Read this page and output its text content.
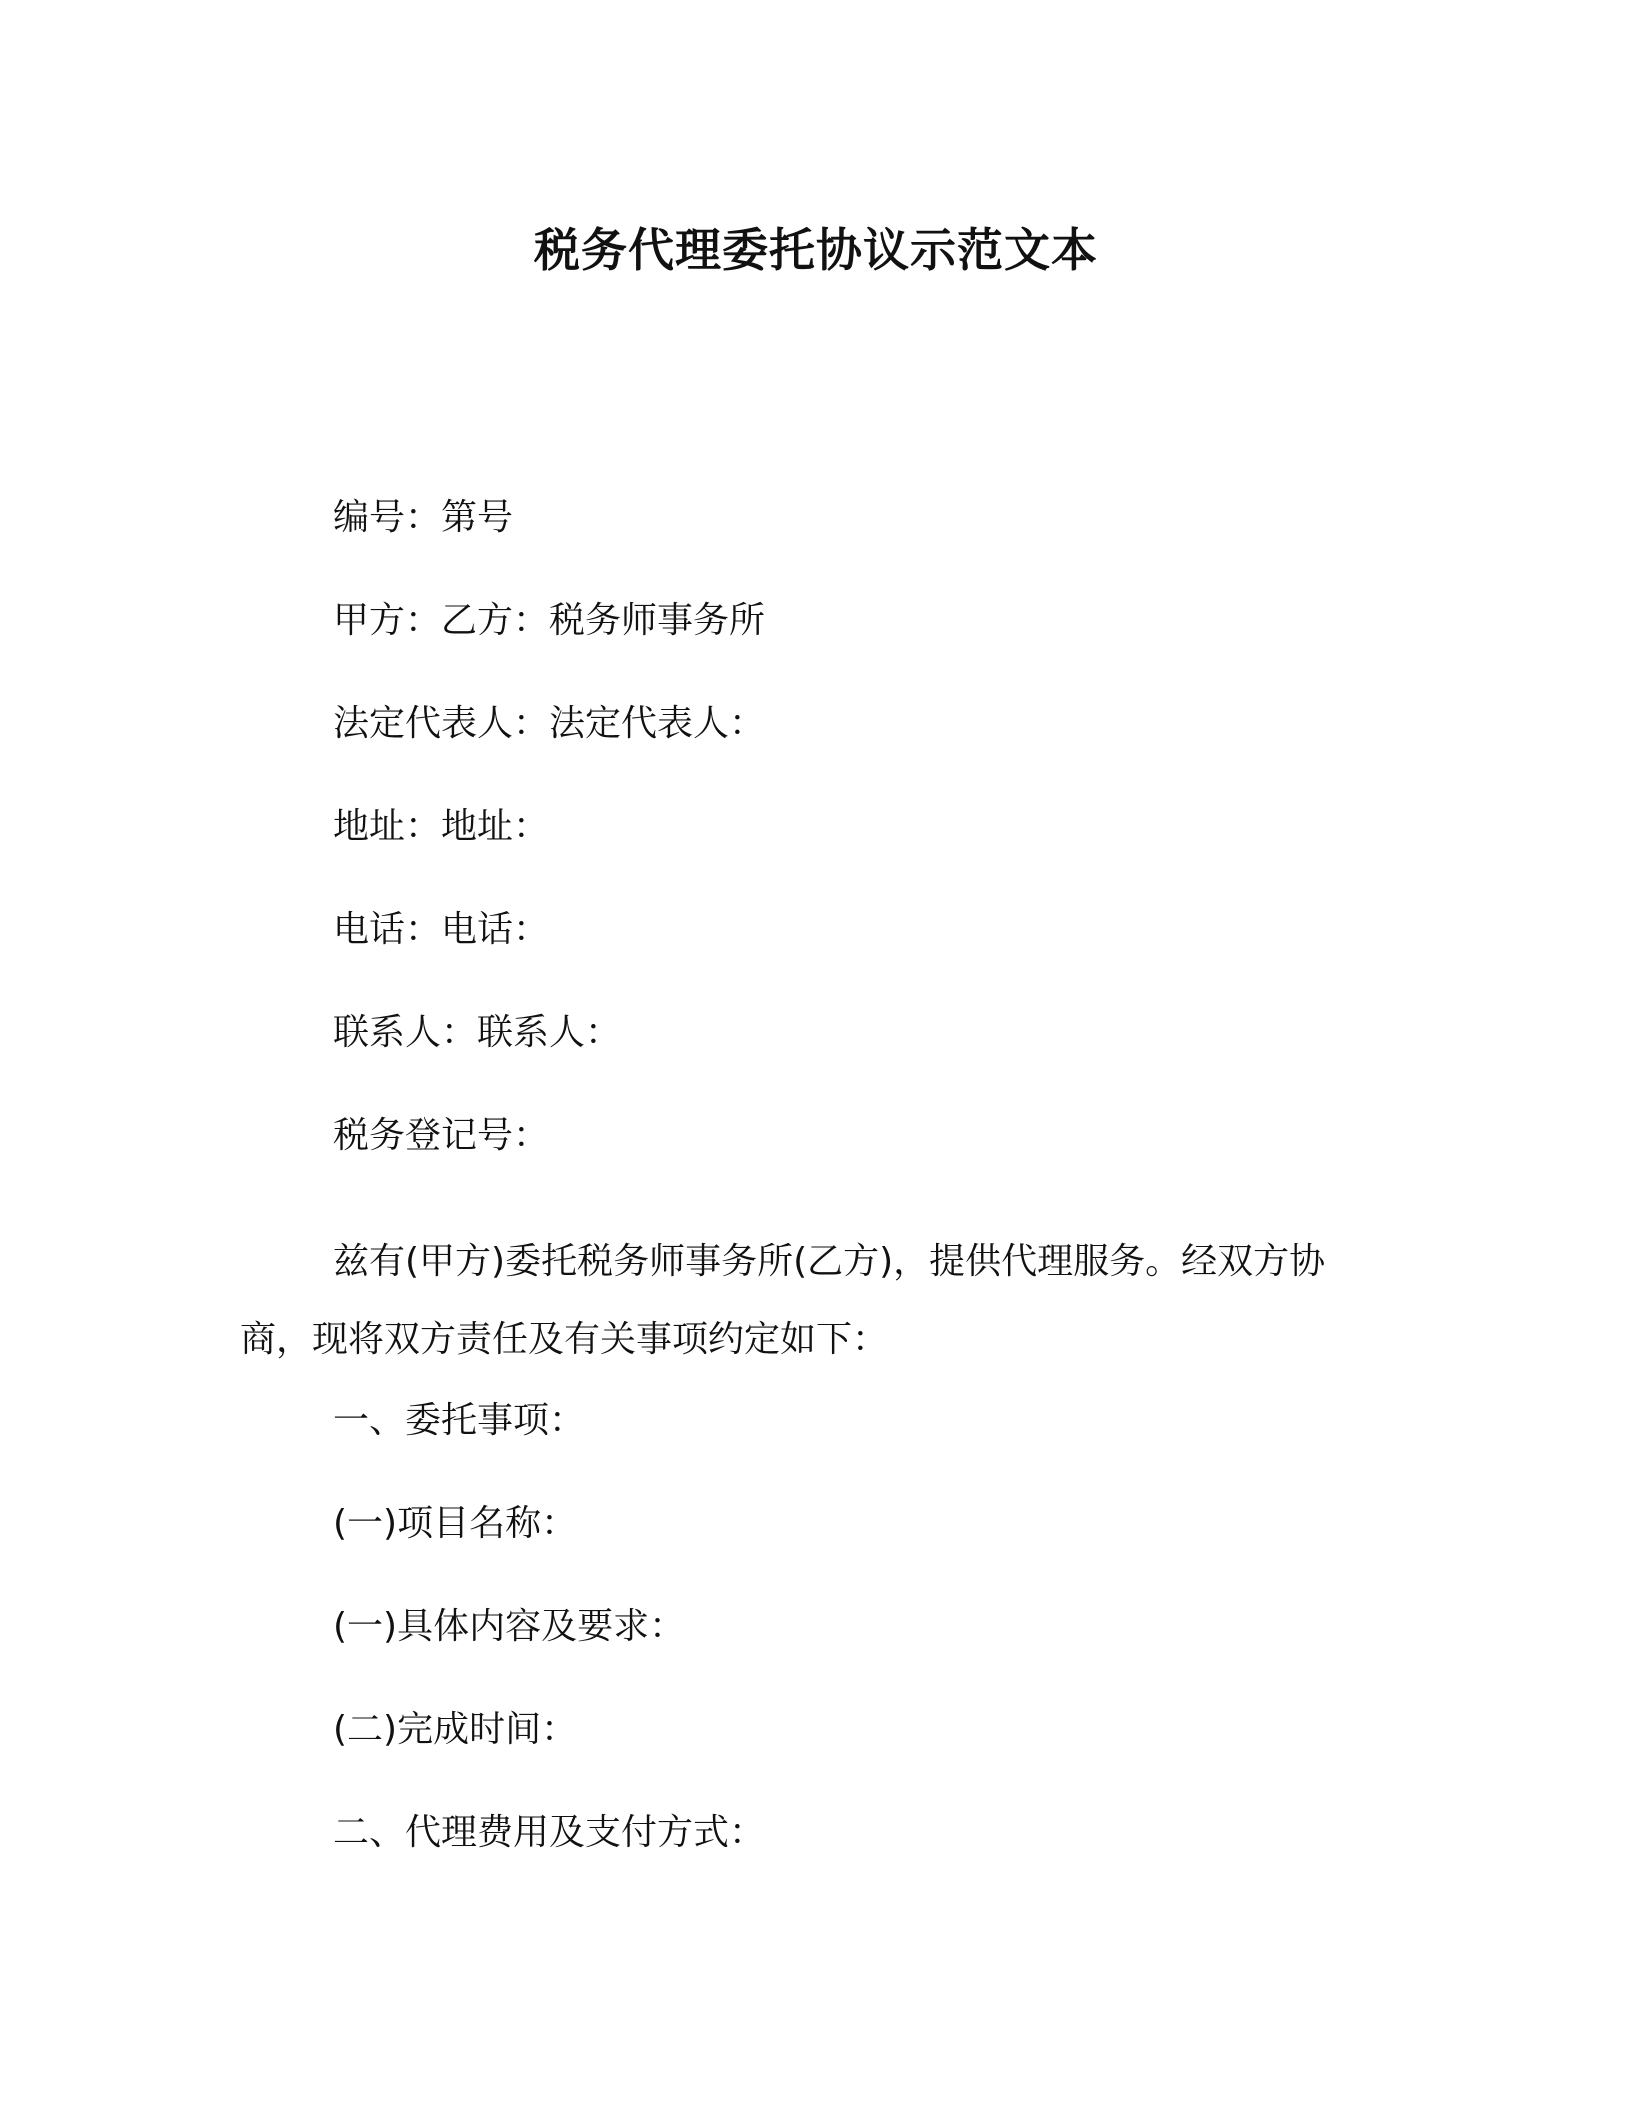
税务代理委托协议示范文本
编号：第号
甲方：乙方：税务师事务所
法定代表人：法定代表人：
地址：地址：
电话：电话：
联系人：联系人：
税务登记号：
兹有(甲方)委托税务师事务所(乙方)，提供代理服务。经双方协商，现将双方责任及有关事项约定如下：
一、委托事项：
(一)项目名称：
(一)具体内容及要求：
(二)完成时间：
二、代理费用及支付方式：
